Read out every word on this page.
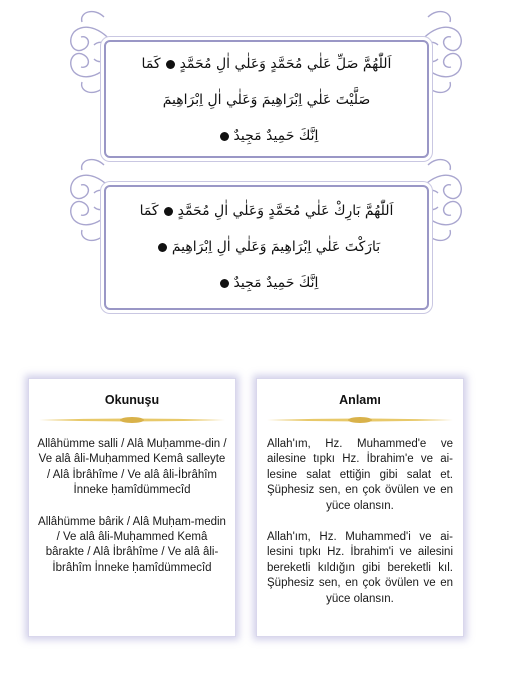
اَللّٰهُمَّ صَلِّ عَلٰي مُحَمَّدٍ وَعَلٰي اٰلِ مُحَمَّدٍكَمَا

صَلَّيْتَ عَلٰي اِبْرَاهِيمَ وَعَلٰي اٰلِ اِبْرَاهِيمَ

اِنَّكَ حَمِيدٌ مَجِيدٌ

اَللّٰهُمَّ بَارِكْ عَلٰي مُحَمَّدٍ وَعَلٰي اٰلِ مُحَمَّدٍكَمَا

بَارَكْتَ عَلٰي اِبْرَاهِيمَ وَعَلٰي اٰلِ اِبْرَاهِيمَ

اِنَّكَ حَمِيدٌ مَجِيدٌ

Okunuşu

Allâhümme salli / Alâ Muḥamme-din / Ve alâ âli-Muḥammed Kemâ salleyte / Alâ İbrâhîme / Ve alâ âli-İbrâhîm İnneke ḥamîdümmecîd

Allâhümme bârik / Alâ Muḥam-medin / Ve alâ âli-Muḥammed Kemâ bârakte / Alâ İbrâhîme / Ve alâ âli-İbrâhîm İnneke ḥamîdümmecîd

Anlamı

Allah'ım, Hz. Muhammed'e ve ailesine tıpkı Hz. İbrahim'e ve ai-lesine salat ettiğin gibi salat et. Şüphesiz sen, en çok övülen ve en yüce olansın.

Allah'ım, Hz. Muhammed'i ve ai-lesini tıpkı Hz. İbrahim'i ve ailesini bereketli kıldığın gibi bereketli kıl. Şüphesiz sen, en çok övülen ve en yüce olansın.
